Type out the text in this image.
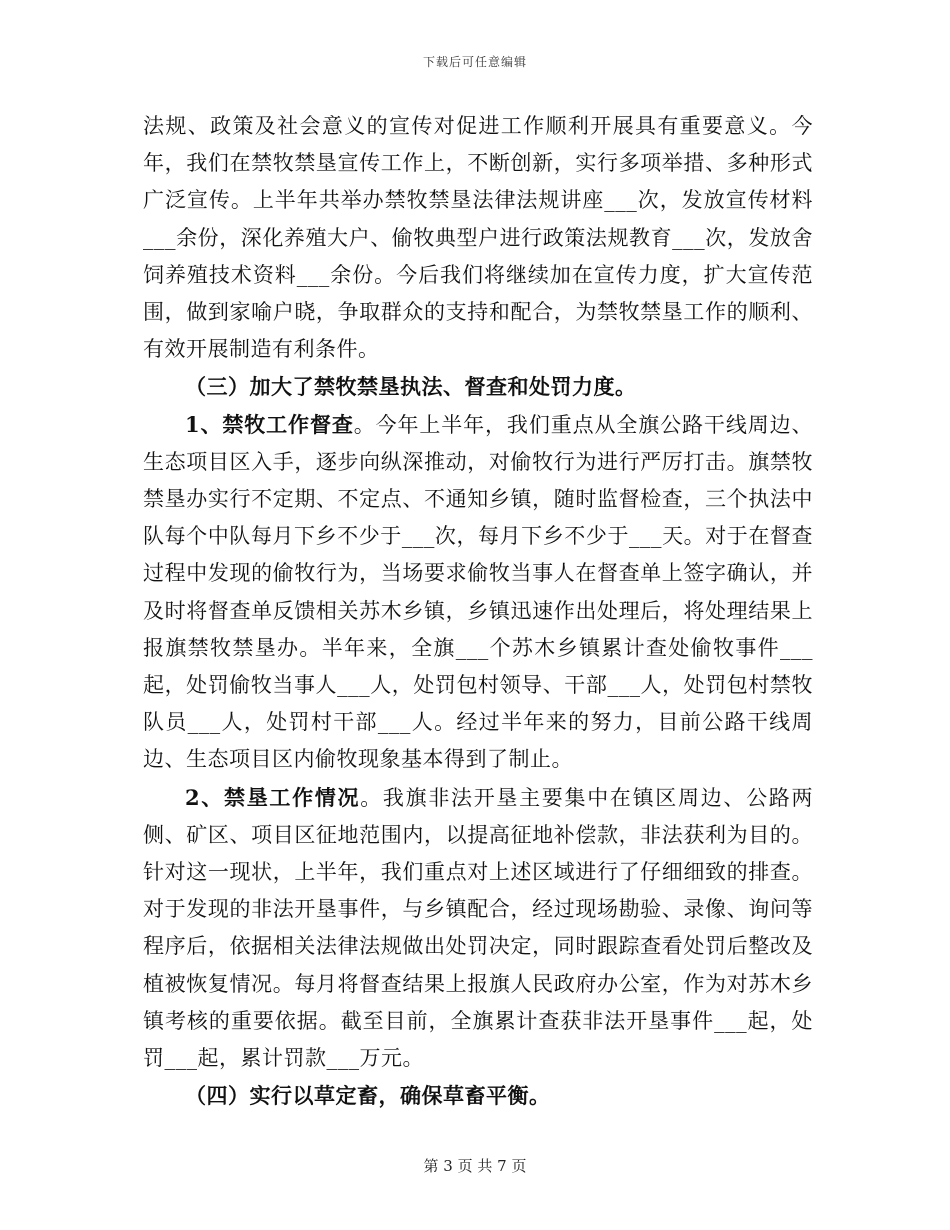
下载后可任意编辑

法规、政策及社会意义的宣传对促进工作顺利开展具有重要意义。今年，我们在禁牧禁垦宣传工作上，不断创新，实行多项举措、多种形式广泛宣传。上半年共举办禁牧禁垦法律法规讲座___次，发放宣传材料___余份，深化养殖大户、偷牧典型户进行政策法规教育___次，发放舍饲养殖技术资料___余份。今后我们将继续加在宣传力度，扩大宣传范围，做到家喻户晓，争取群众的支持和配合，为禁牧禁垦工作的顺利、有效开展制造有利条件。

（三）加大了禁牧禁垦执法、督查和处罚力度。

1、禁牧工作督查。今年上半年，我们重点从全旗公路干线周边、生态项目区入手，逐步向纵深推动，对偷牧行为进行严厉打击。旗禁牧禁垦办实行不定期、不定点、不通知乡镇，随时监督检查，三个执法中队每个中队每月下乡不少于___次，每月下乡不少于___天。对于在督查过程中发现的偷牧行为，当场要求偷牧当事人在督查单上签字确认，并及时将督查单反馈相关苏木乡镇，乡镇迅速作出处理后，将处理结果上报旗禁牧禁垦办。半年来，全旗___个苏木乡镇累计查处偷牧事件___起，处罚偷牧当事人___人，处罚包村领导、干部___人，处罚包村禁牧队员___人，处罚村干部___人。经过半年来的努力，目前公路干线周边、生态项目区内偷牧现象基本得到了制止。

2、禁垦工作情况。我旗非法开垦主要集中在镇区周边、公路两侧、矿区、项目区征地范围内，以提高征地补偿款，非法获利为目的。针对这一现状，上半年，我们重点对上述区域进行了仔细细致的排查。对于发现的非法开垦事件，与乡镇配合，经过现场勘验、录像、询问等程序后，依据相关法律法规做出处罚决定，同时跟踪查看处罚后整改及植被恢复情况。每月将督查结果上报旗人民政府办公室，作为对苏木乡镇考核的重要依据。截至目前，全旗累计查获非法开垦事件___起，处罚___起，累计罚款___万元。

（四）实行以草定畜，确保草畜平衡。

第 3 页 共 7 页
